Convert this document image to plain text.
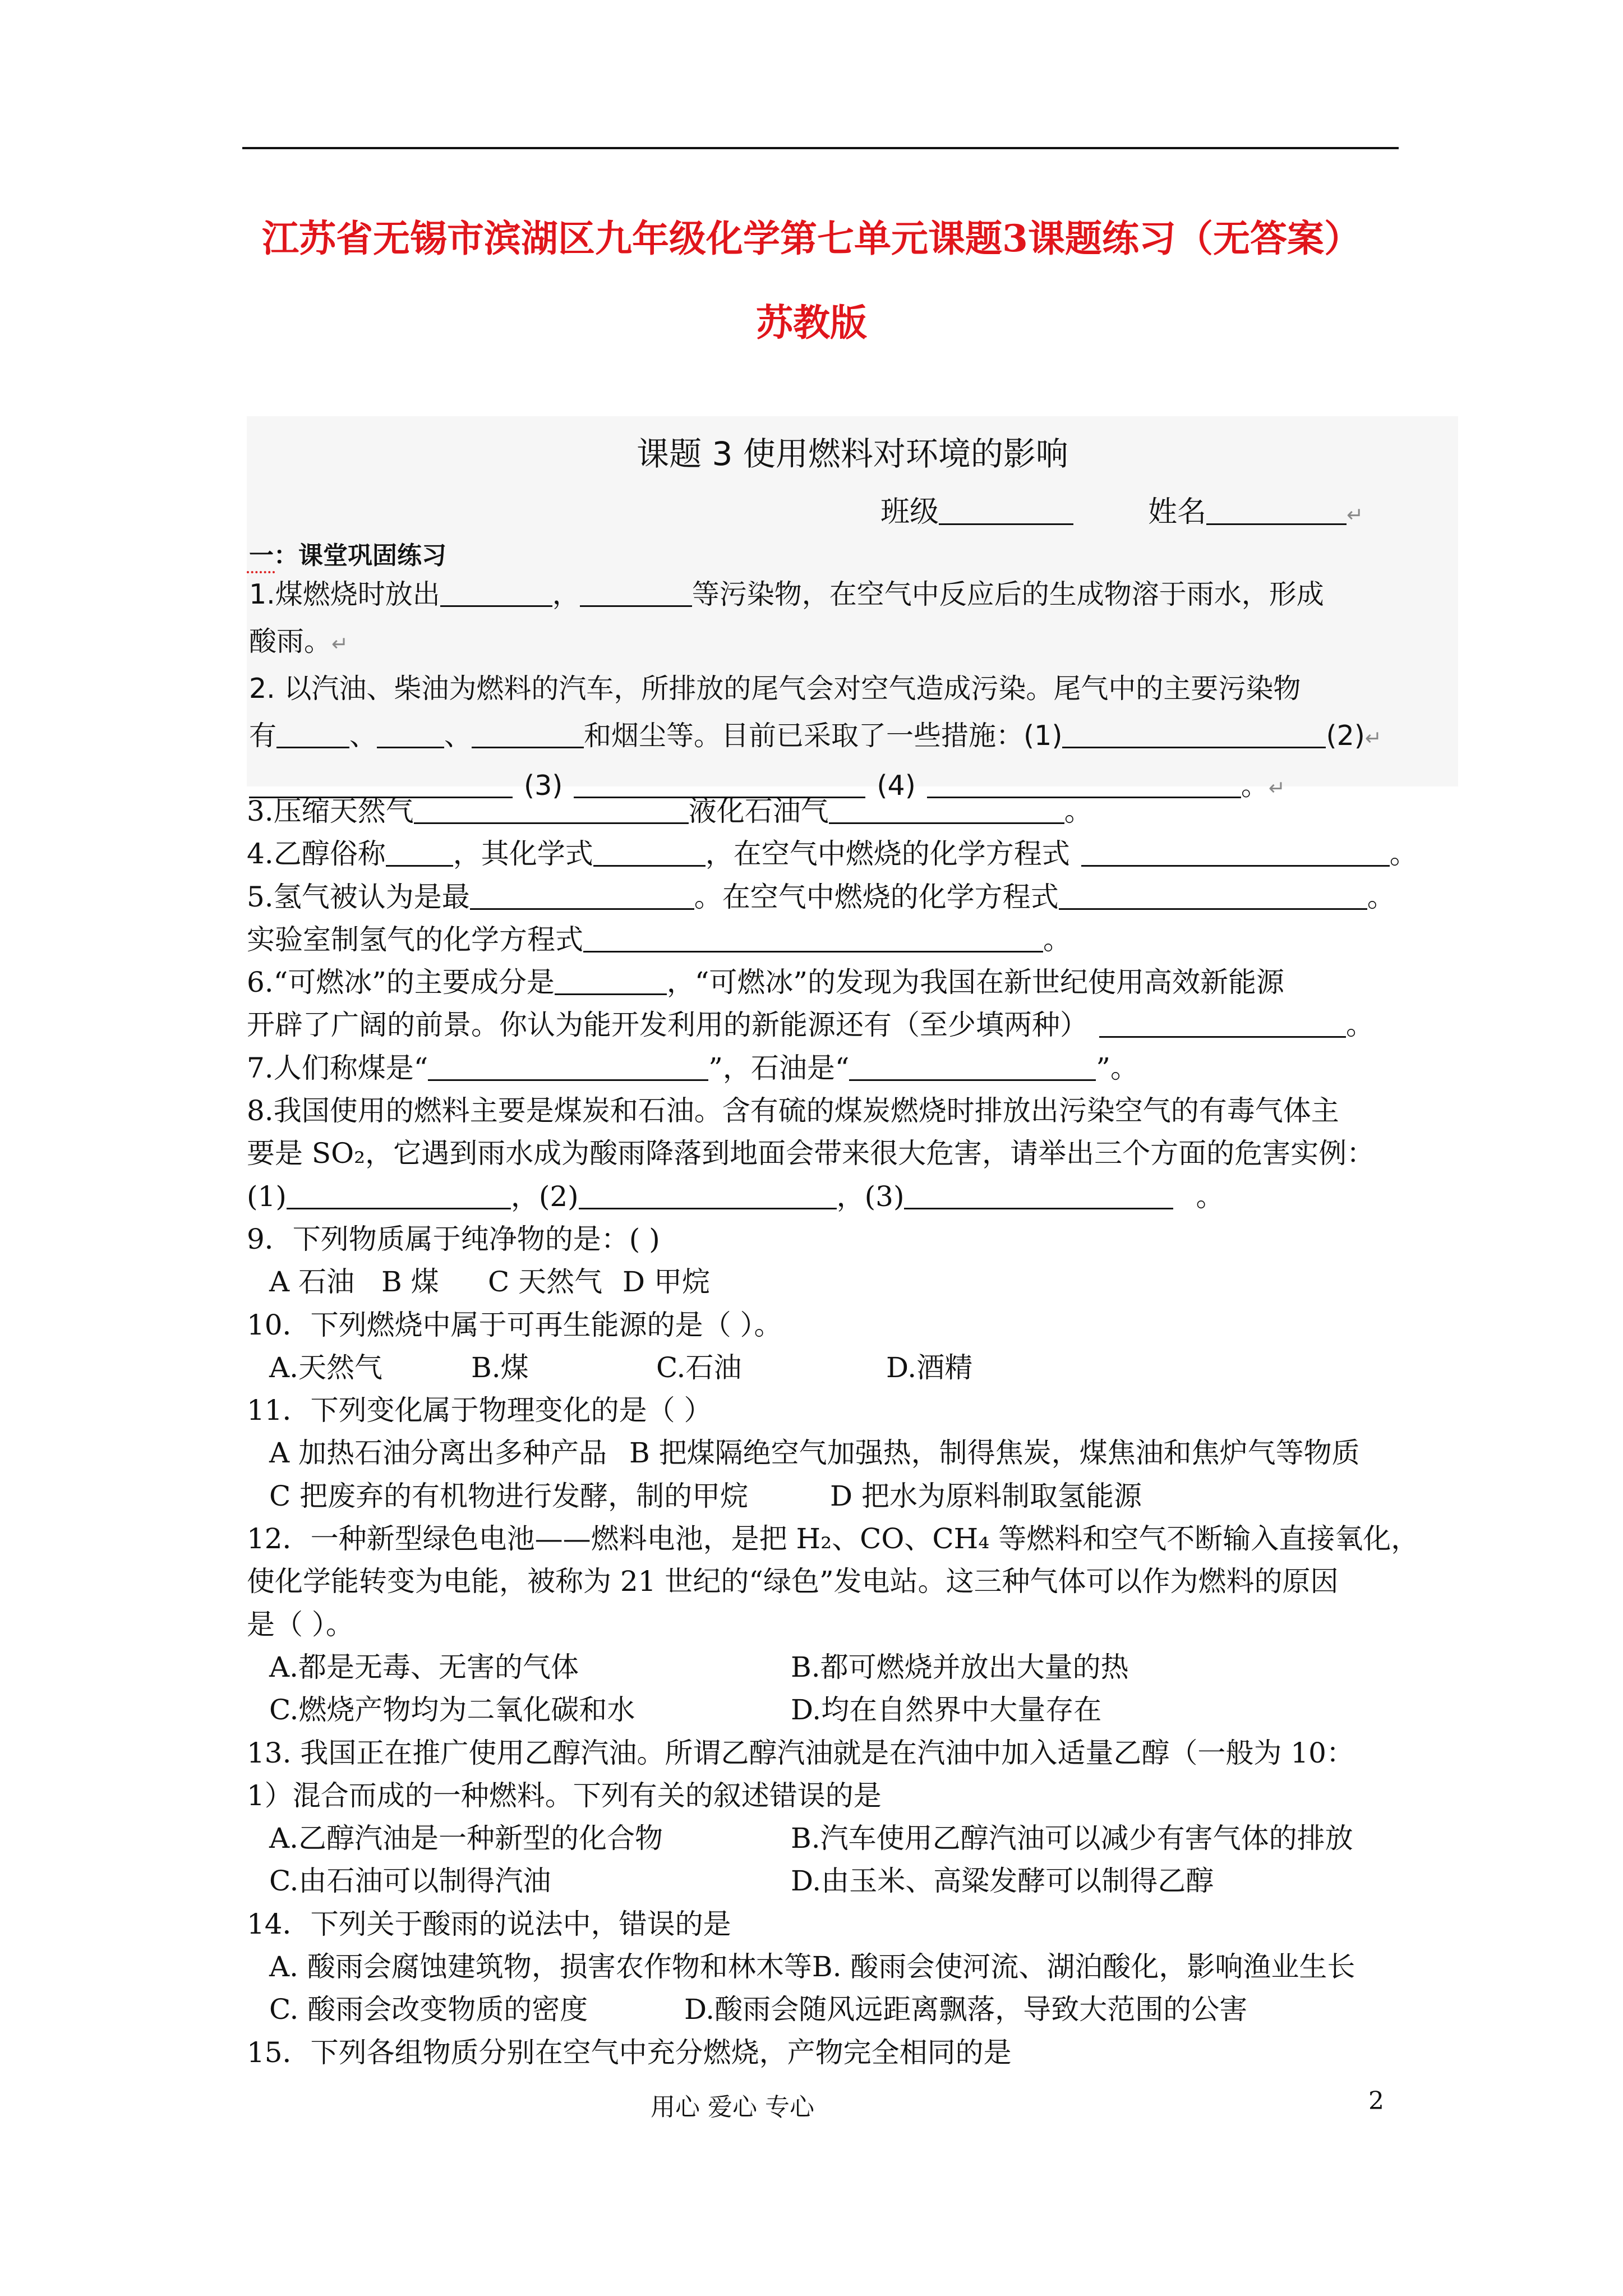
江苏省无锡市滨湖区九年级化学第七单元课题3课题练习（无答案）
苏教版
课题 3 使用燃料对环境的影响
班级	姓名	↵
一：课堂巩固练习
1.煤燃烧时放出	，	等污染物，在空气中反应后的生成物溶于雨水，形成
酸雨。↵
2. 以汽油、柴油为燃料的汽车，所排放的尾气会对空气造成污染。尾气中的主要污染物
有	、 、	和烟尘等。目前已采取了一些措施：(1)	(2)↵
(3)	(4)	。↵
3.压缩天然气	液化石油气	。
4.乙醇俗称 ，其化学式	，在空气中燃烧的化学方程式	。
5.氢气被认为是最	。在空气中燃烧的化学方程式	。
实验室制氢气的化学方程式	。
6.“可燃冰”的主要成分是	，“可燃冰”的发现为我国在新世纪使用高效新能源
开辟了广阔的前景。你认为能开发利用的新能源还有（至少填两种）	。
7.人们称煤是“	”，石油是“	”。
8.我国使用的燃料主要是煤炭和石油。含有硫的煤炭燃烧时排放出污染空气的有毒气体主
要是 SO₂，它遇到雨水成为酸雨降落到地面会带来很大危害，请举出三个方面的危害实例：
(1)	，(2)	，(3)	。
9．下列物质属于纯净物的是：( )
A 石油 B 煤 C 天然气 D 甲烷
10．下列燃烧中属于可再生能源的是（ ）。
A.天然气	B.煤	C.石油	D.酒精
11．下列变化属于物理变化的是（ ）
A 加热石油分离出多种产品 B 把煤隔绝空气加强热，制得焦炭，煤焦油和焦炉气等物质
C 把废弃的有机物进行发酵，制的甲烷	D 把水为原料制取氢能源
12．一种新型绿色电池——燃料电池，是把 H₂、CO、CH₄ 等燃料和空气不断输入直接氧化，
使化学能转变为电能，被称为 21 世纪的“绿色”发电站。这三种气体可以作为燃料的原因
是（ ）。
A.都是无毒、无害的气体	B.都可燃烧并放出大量的热
C.燃烧产物均为二氧化碳和水	D.均在自然界中大量存在
13. 我国正在推广使用乙醇汽油。所谓乙醇汽油就是在汽油中加入适量乙醇（一般为 10：
1）混合而成的一种燃料。下列有关的叙述错误的是
A.乙醇汽油是一种新型的化合物	B.汽车使用乙醇汽油可以减少有害气体的排放
C.由石油可以制得汽油	D.由玉米、高粱发酵可以制得乙醇
14．下列关于酸雨的说法中，错误的是
A. 酸雨会腐蚀建筑物，损害农作物和林木等B. 酸雨会使河流、湖泊酸化，影响渔业生长
C. 酸雨会改变物质的密度	D.酸雨会随风远距离飘落，导致大范围的公害
15．下列各组物质分别在空气中充分燃烧，产物完全相同的是
用心 爱心 专心	2
